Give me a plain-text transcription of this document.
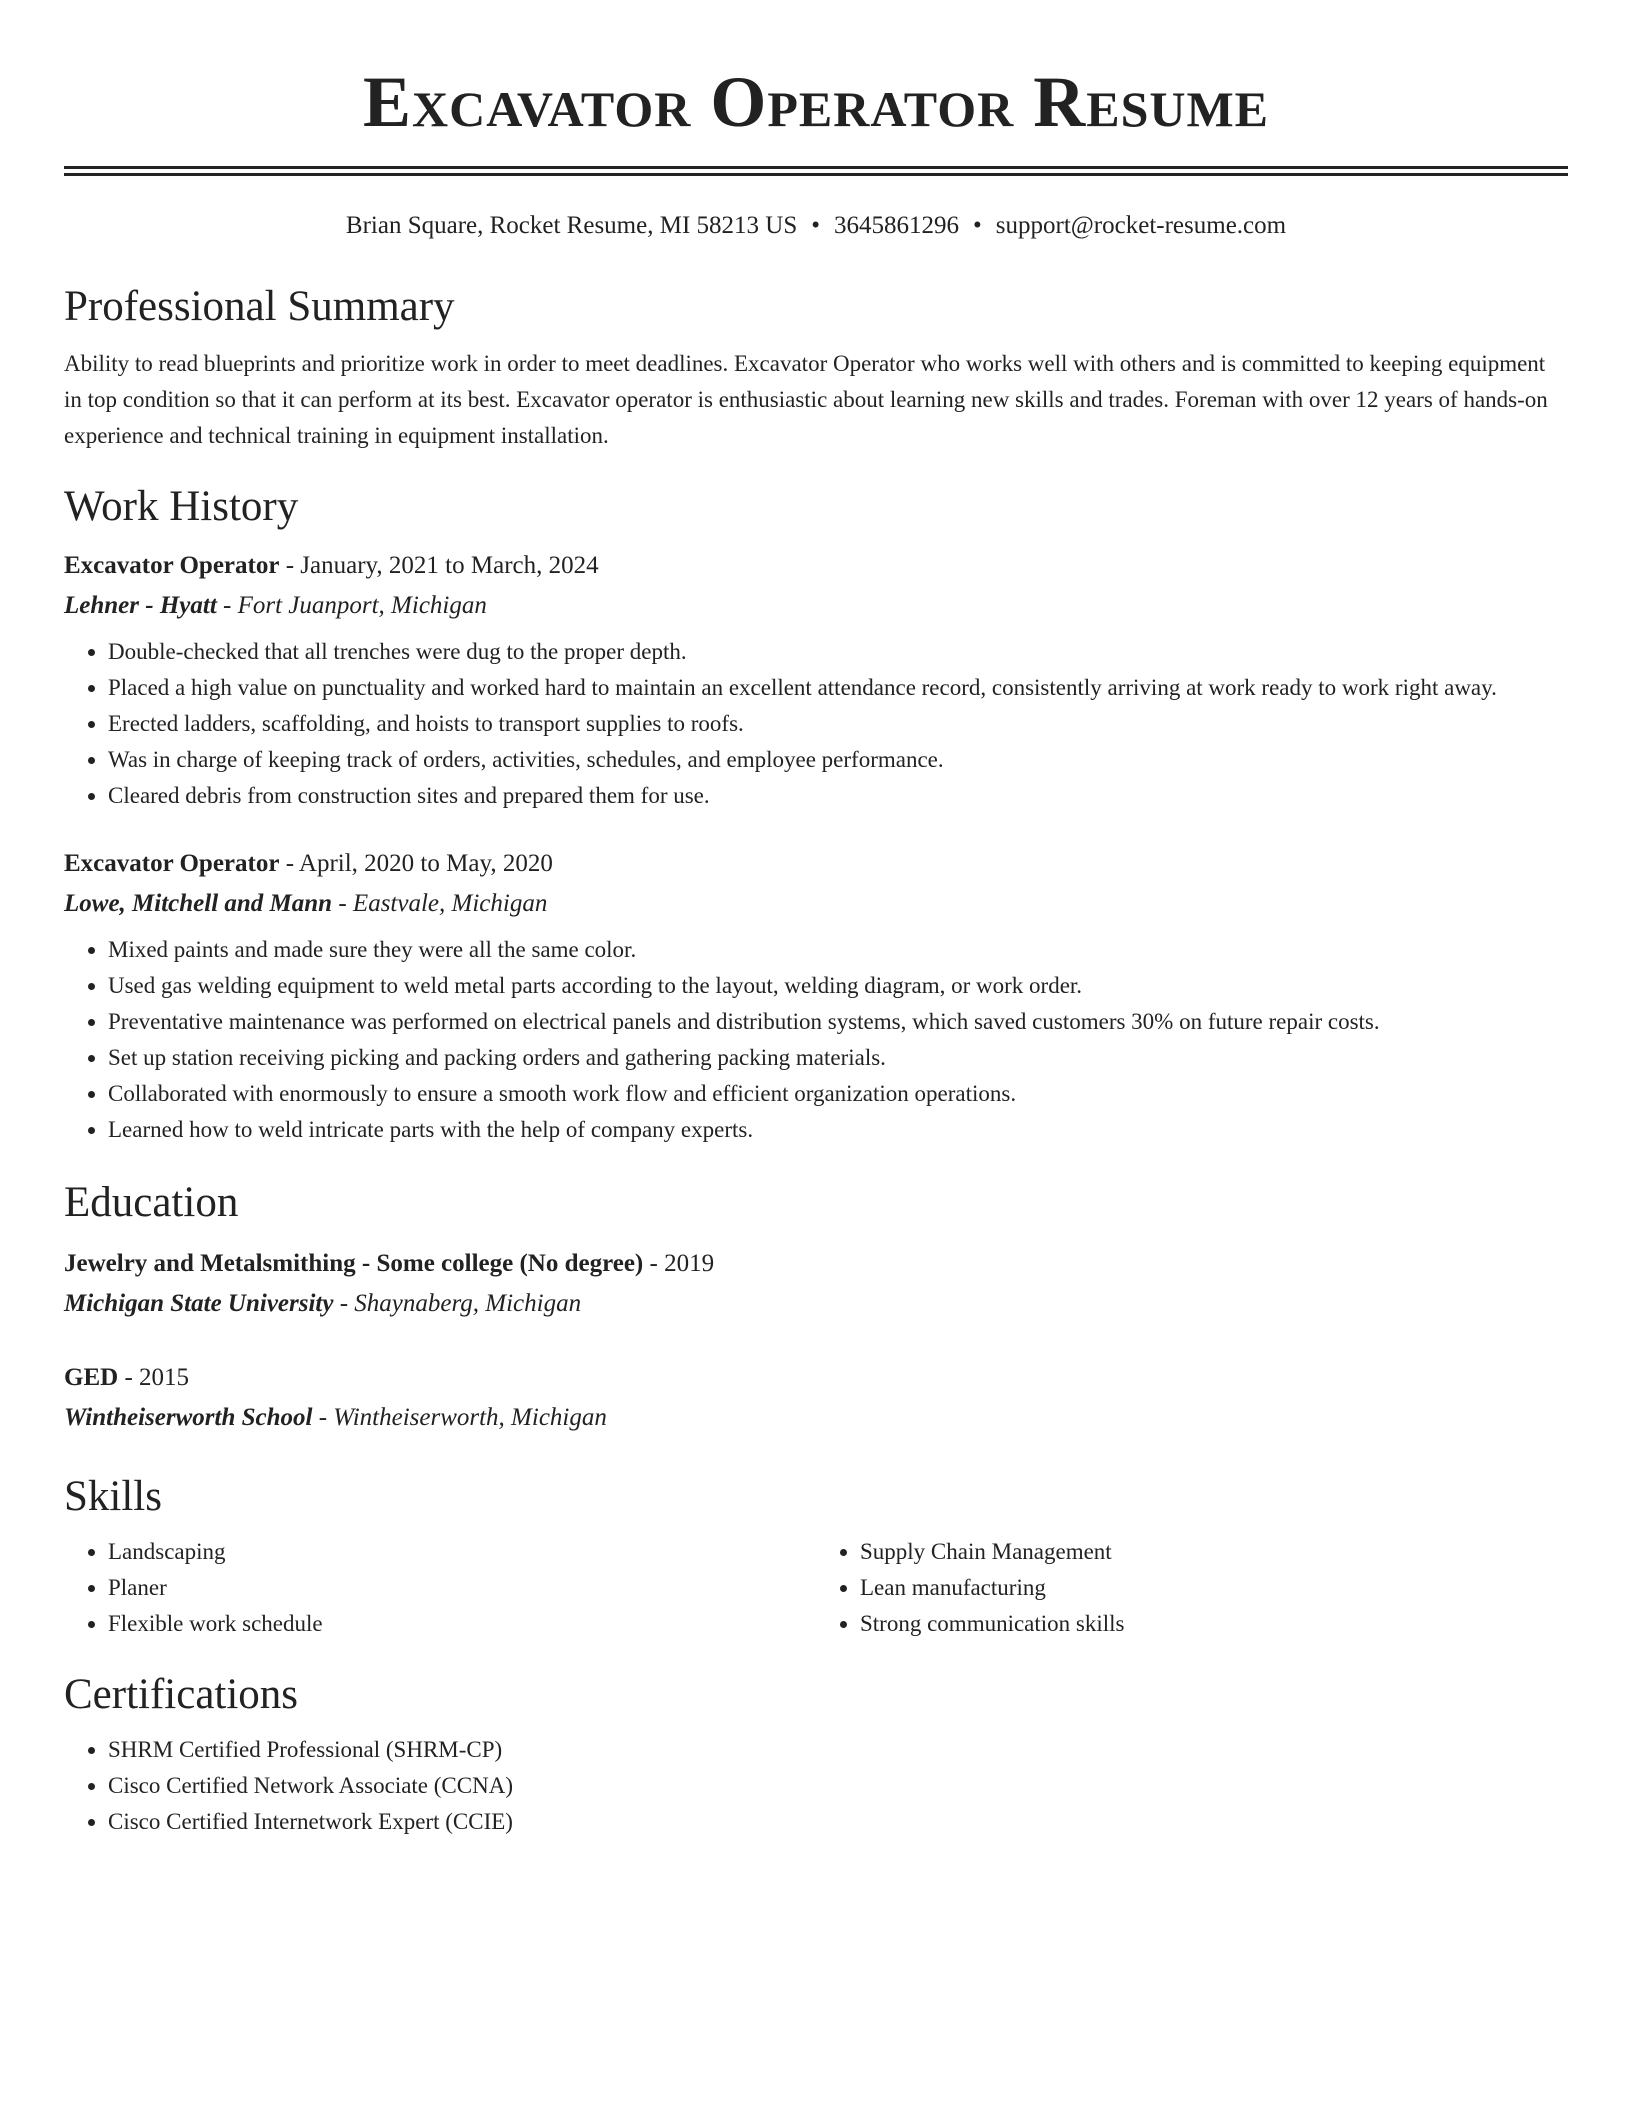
Excavator Operator Resume
Brian Square, Rocket Resume, MI 58213 US • 3645861296 • support@rocket-resume.com
Professional Summary

Ability to read blueprints and prioritize work in order to meet deadlines. Excavator Operator who works well with others and is committed to keeping equipment in top condition so that it can perform at its best. Excavator operator is enthusiastic about learning new skills and trades. Foreman with over 12 years of hands-on experience and technical training in equipment installation.

Work History
Excavator Operator - January, 2021 to March, 2024
Lehner - Hyatt - Fort Juanport, Michigan
• Double-checked that all trenches were dug to the proper depth.
• Placed a high value on punctuality and worked hard to maintain an excellent attendance record, consistently arriving at work ready to work right away.
• Erected ladders, scaffolding, and hoists to transport supplies to roofs.
• Was in charge of keeping track of orders, activities, schedules, and employee performance.
• Cleared debris from construction sites and prepared them for use.
Excavator Operator - April, 2020 to May, 2020
Lowe, Mitchell and Mann - Eastvale, Michigan
• Mixed paints and made sure they were all the same color.
• Used gas welding equipment to weld metal parts according to the layout, welding diagram, or work order.
• Preventative maintenance was performed on electrical panels and distribution systems, which saved customers 30% on future repair costs.
• Set up station receiving picking and packing orders and gathering packing materials.
• Collaborated with enormously to ensure a smooth work flow and efficient organization operations.
• Learned how to weld intricate parts with the help of company experts.
Education
Jewelry and Metalsmithing - Some college (No degree) - 2019
Michigan State University - Shaynaberg, Michigan
GED - 2015
Wintheiserworth School - Wintheiserworth, Michigan
Skills
• Landscaping
• Planer
• Flexible work schedule
• Supply Chain Management
• Lean manufacturing
• Strong communication skills
Certifications
• SHRM Certified Professional (SHRM-CP)
• Cisco Certified Network Associate (CCNA)
• Cisco Certified Internetwork Expert (CCIE)
